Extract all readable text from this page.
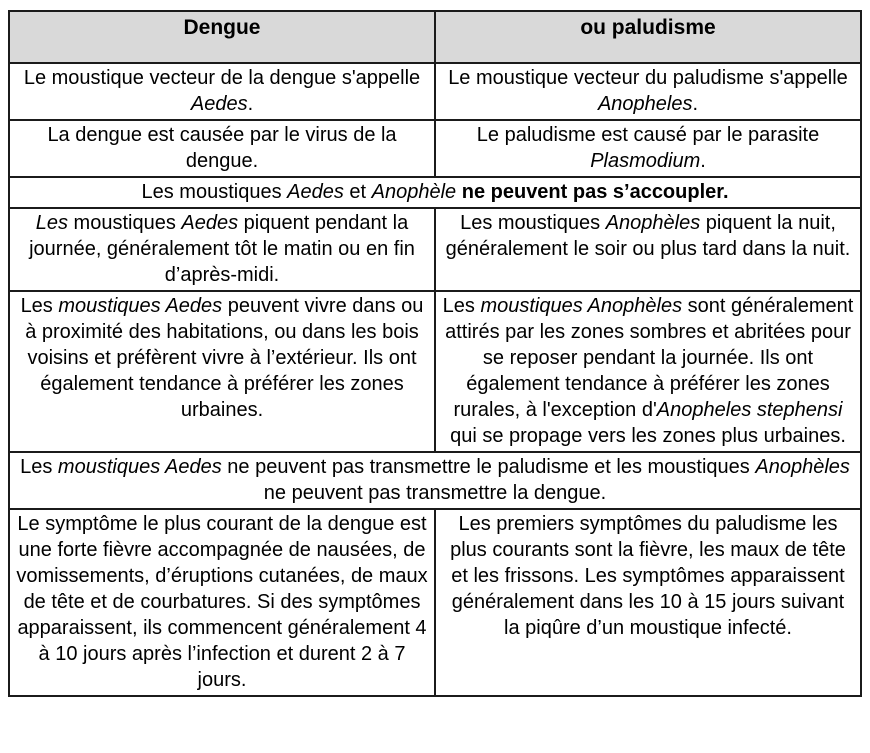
Dengue	ou paludisme
Le moustique vecteur de la dengue s'appelle Aedes.	Le moustique vecteur du paludisme s'appelle Anopheles.
La dengue est causée par le virus de la dengue.	Le paludisme est causé par le parasite Plasmodium.
Les moustiques Aedes et Anophèle ne peuvent pas s’accoupler.	
Les moustiques Aedes piquent pendant la journée, généralement tôt le matin ou en fin d’après-midi.	Les moustiques Anophèles piquent la nuit, généralement le soir ou plus tard dans la nuit.
Les moustiques Aedes peuvent vivre dans ou à proximité des habitations, ou dans les bois voisins et préfèrent vivre à l’extérieur. Ils ont également tendance à préférer les zones urbaines.	Les moustiques Anophèles sont généralement attirés par les zones sombres et abritées pour se reposer pendant la journée. Ils ont également tendance à préférer les zones rurales, à l'exception d'Anopheles stephensi qui se propage vers les zones plus urbaines.
Les moustiques Aedes ne peuvent pas transmettre le paludisme et les moustiques Anophèles ne peuvent pas transmettre la dengue.	
Le symptôme le plus courant de la dengue est une forte fièvre accompagnée de nausées, de vomissements, d’éruptions cutanées, de maux de tête et de courbatures. Si des symptômes apparaissent, ils commencent généralement 4 à 10 jours après l’infection et durent 2 à 7 jours.	Les premiers symptômes du paludisme les plus courants sont la fièvre, les maux de tête et les frissons. Les symptômes apparaissent généralement dans les 10 à 15 jours suivant la piqûre d’un moustique infecté.
